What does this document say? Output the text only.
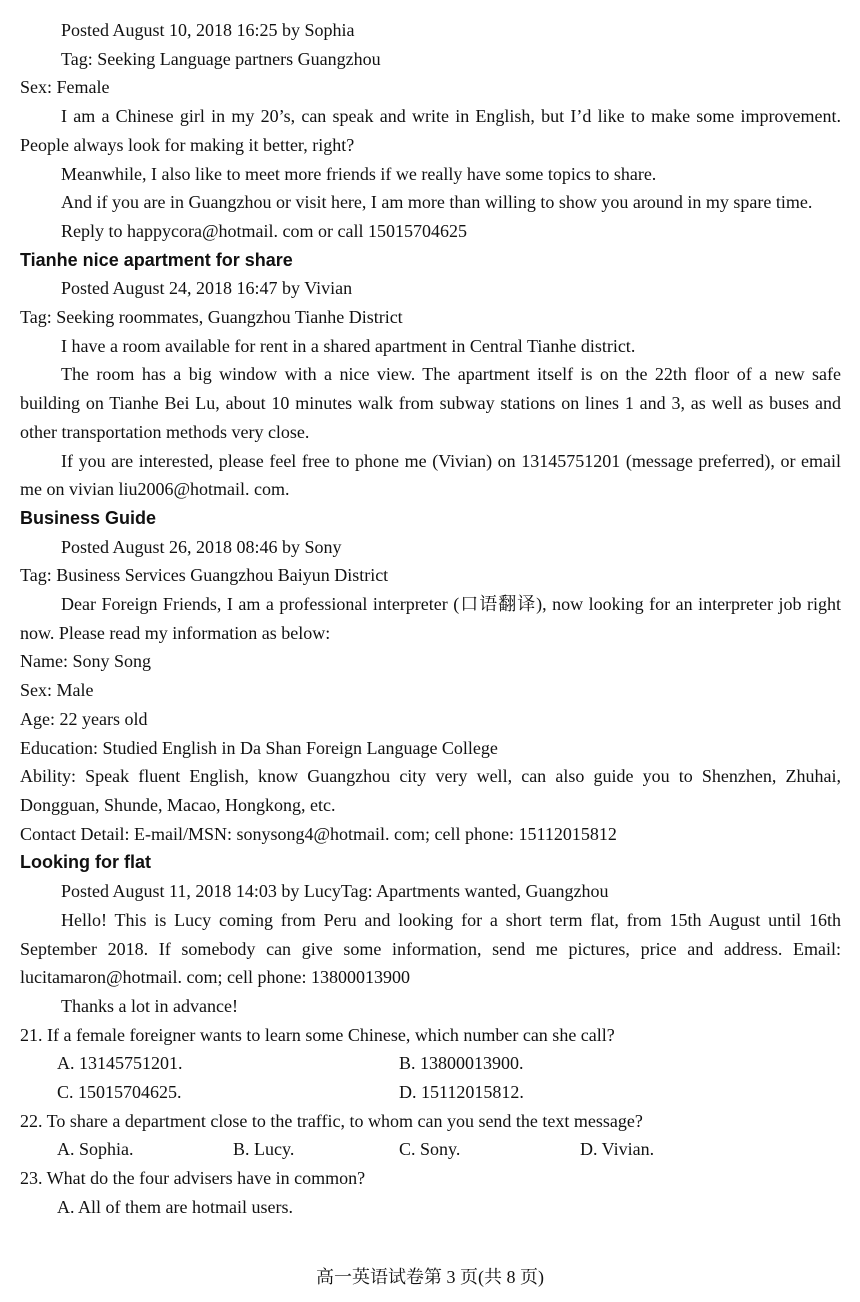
Posted August 10, 2018 16:25 by Sophia

Tag: Seeking Language partners Guangzhou

Sex: Female

I am a Chinese girl in my 20’s, can speak and write in English, but I’d like to make some improvement. People always look for making it better, right?

Meanwhile, I also like to meet more friends if we really have some topics to share.

And if you are in Guangzhou or visit here, I am more than willing to show you around in my spare time.

Reply to happycora@hotmail. com or call 15015704625

Tianhe nice apartment for share

Posted August 24, 2018 16:47 by Vivian

Tag: Seeking roommates, Guangzhou Tianhe District

I have a room available for rent in a shared apartment in Central Tianhe district.

The room has a big window with a nice view. The apartment itself is on the 22th floor of a new safe building on Tianhe Bei Lu, about 10 minutes walk from subway stations on lines 1 and 3, as well as buses and other transportation methods very close.

If you are interested, please feel free to phone me (Vivian) on 13145751201 (message preferred), or email me on vivian liu2006@hotmail. com.

Business Guide

Posted August 26, 2018 08:46 by Sony

Tag: Business Services Guangzhou Baiyun District

Dear Foreign Friends, I am a professional interpreter (口语翻译), now looking for an interpreter job right now. Please read my information as below:

Name: Sony Song

Sex: Male

Age: 22 years old

Education: Studied English in Da Shan Foreign Language College

Ability: Speak fluent English, know Guangzhou city very well, can also guide you to Shenzhen, Zhuhai, Dongguan, Shunde, Macao, Hongkong, etc.

Contact Detail: E-mail/MSN: sonysong4@hotmail. com; cell phone: 15112015812

Looking for flat

Posted August 11, 2018 14:03 by LucyTag: Apartments wanted, Guangzhou

Hello! This is Lucy coming from Peru and looking for a short term flat, from 15th August until 16th September 2018. If somebody can give some information, send me pictures, price and address. Email: lucitamaron@hotmail. com; cell phone: 13800013900

Thanks a lot in advance!

21. If a female foreigner wants to learn some Chinese, which number can she call?

A. 13145751201.	B. 13800013900.
C. 15015704625.	D. 15112015812.

22. To share a department close to the traffic, to whom can you send the text message?

A. Sophia.	B. Lucy.	C. Sony.	D. Vivian.

23. What do the four advisers have in common?

A. All of them are hotmail users.
高一英语试卷第 3 页(共 8 页)
